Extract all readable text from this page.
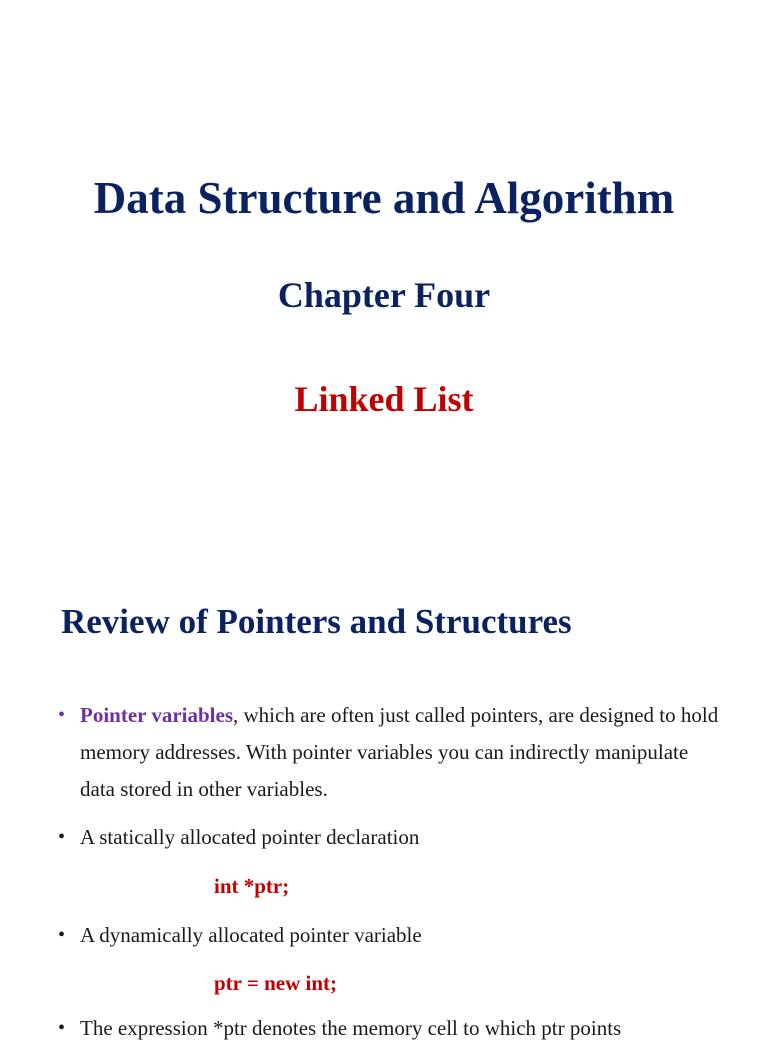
Data Structure and Algorithm
Chapter Four
Linked List
Review of Pointers and Structures
• Pointer variables, which are often just called pointers, are designed to hold memory addresses. With pointer variables you can indirectly manipulate data stored in other variables.
• A statically allocated pointer declaration
int *ptr;
• A dynamically allocated pointer variable
ptr = new int;
• The expression *ptr denotes the memory cell to which ptr points
